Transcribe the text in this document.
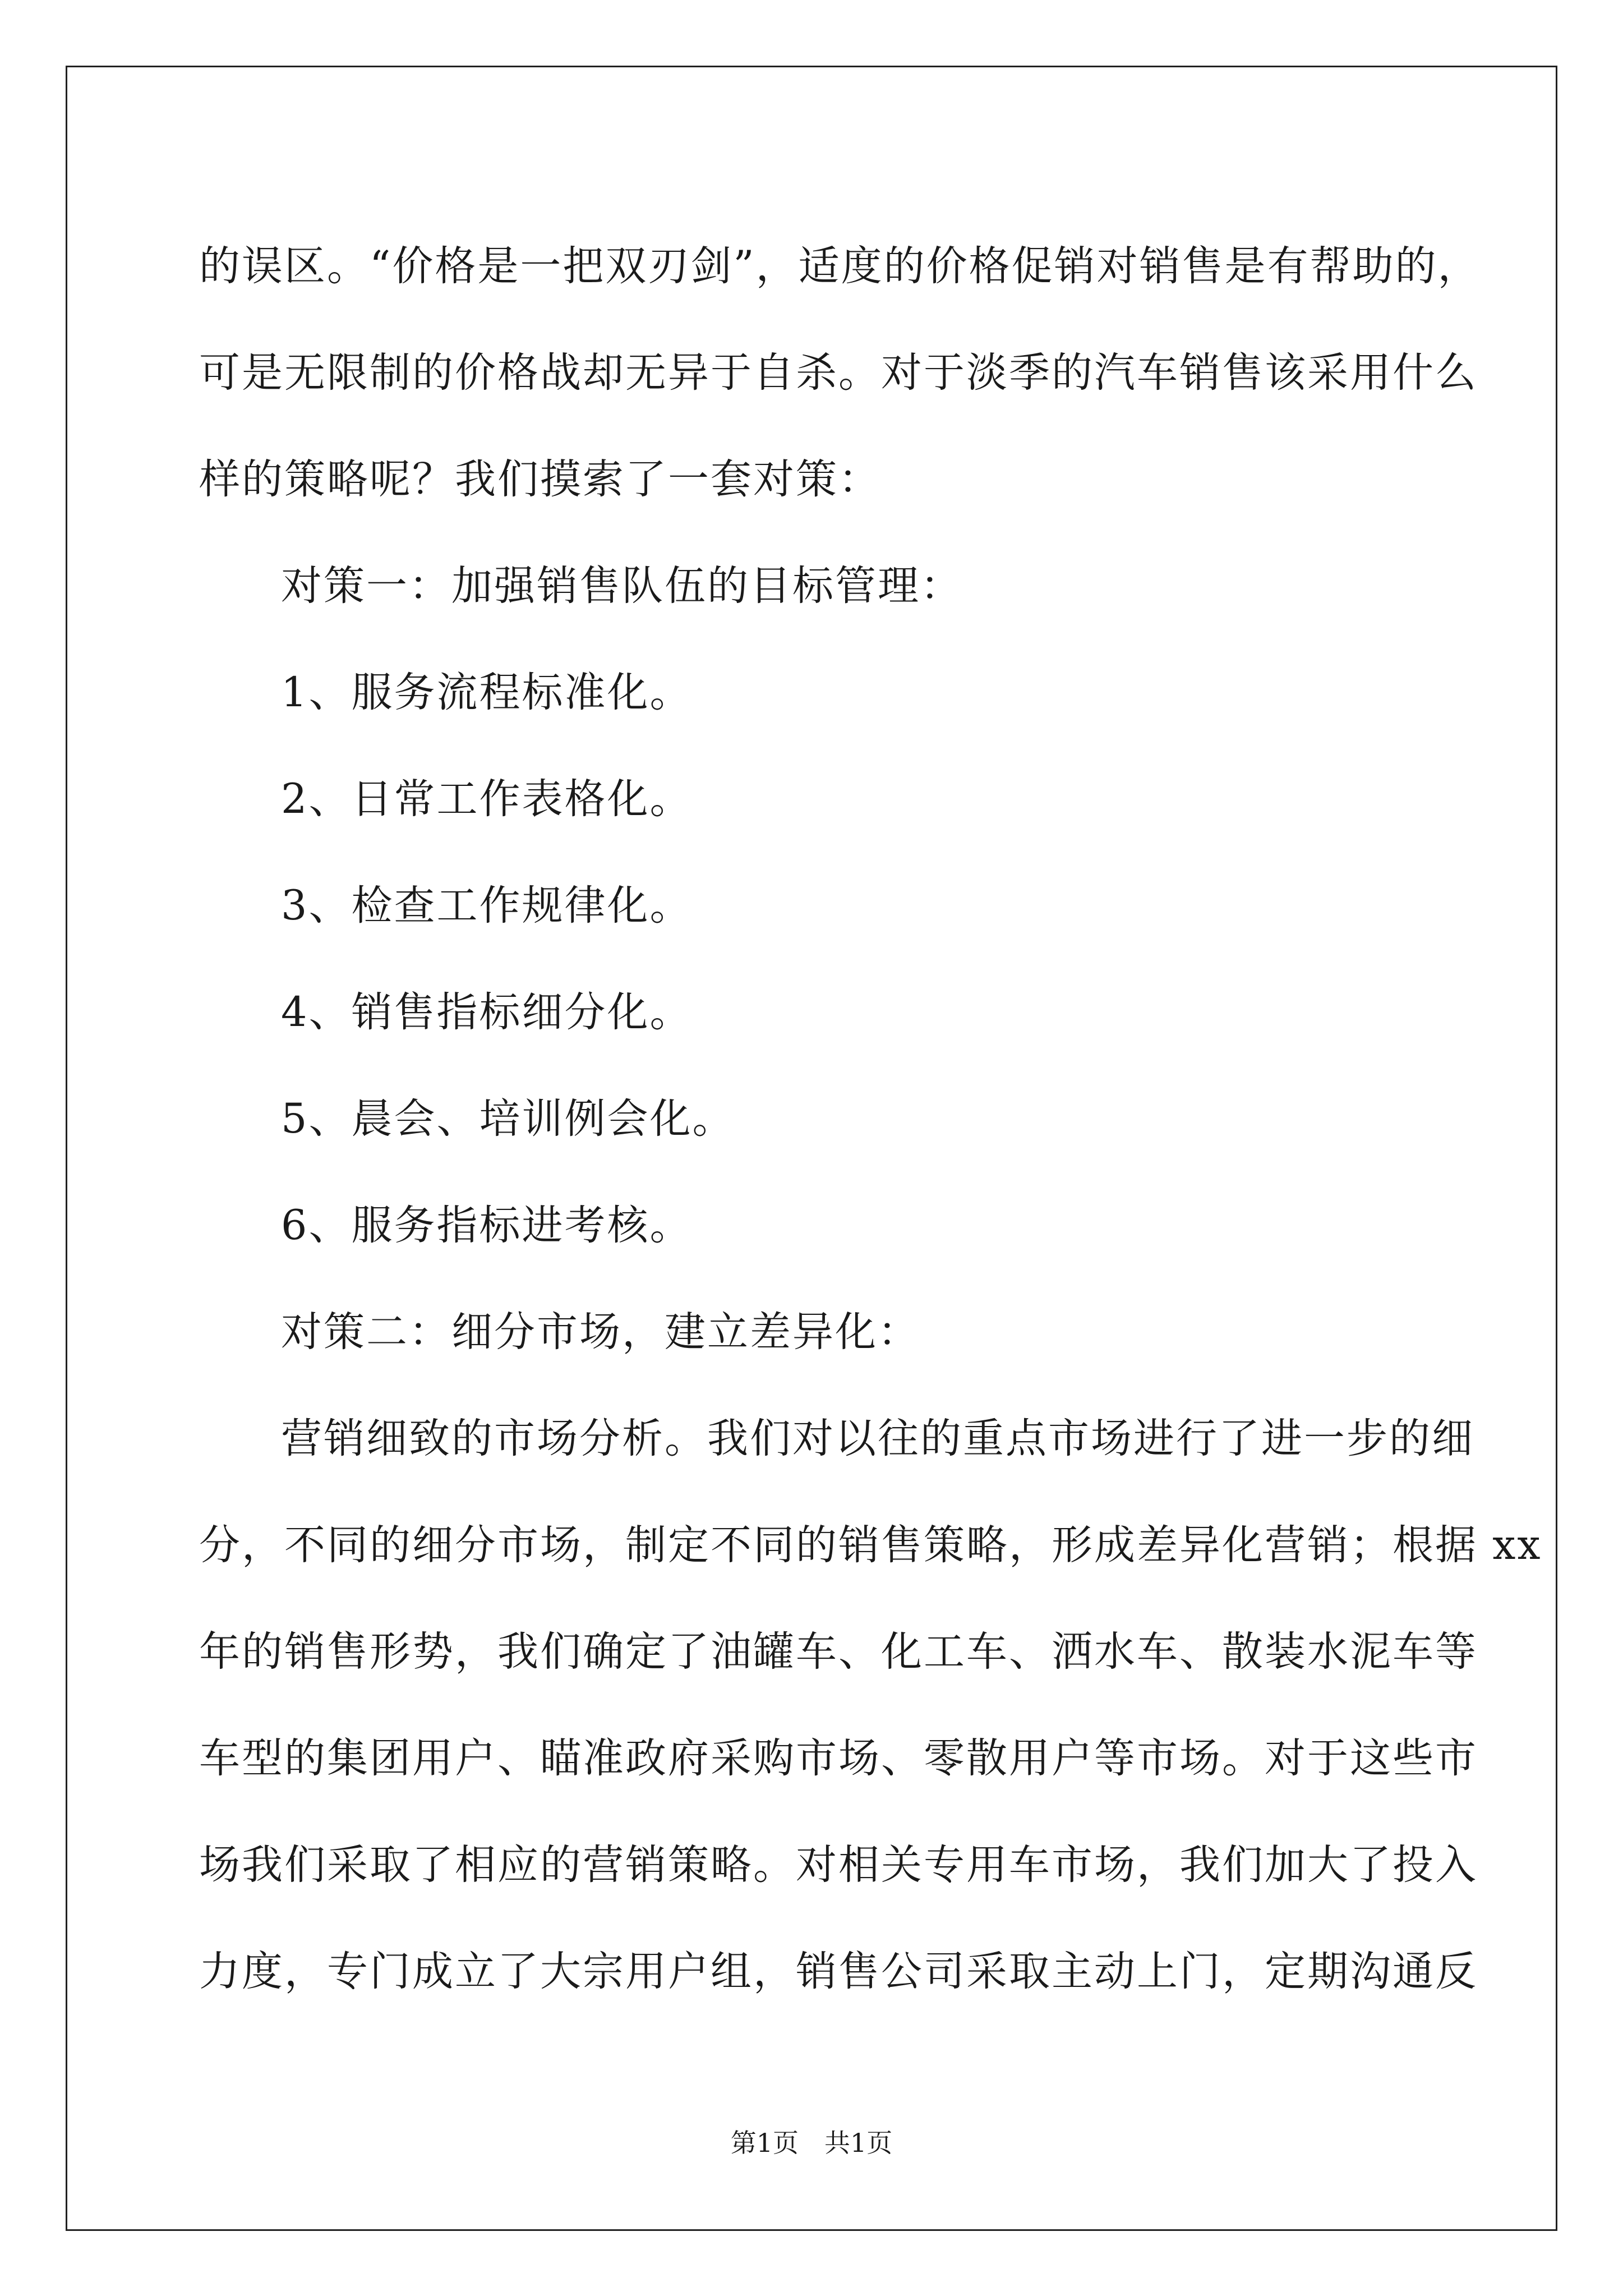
的误区。“价格是一把双刃剑”，适度的价格促销对销售是有帮助的，
可是无限制的价格战却无异于自杀。对于淡季的汽车销售该采用什么
样的策略呢？我们摸索了一套对策：
对策一：加强销售队伍的目标管理：
1、服务流程标准化。
2、日常工作表格化。
3、检查工作规律化。
4、销售指标细分化。
5、晨会、培训例会化。
6、服务指标进考核。
对策二：细分市场，建立差异化：
营销细致的市场分析。我们对以往的重点市场进行了进一步的细
分，不同的细分市场，制定不同的销售策略，形成差异化营销；根据 xx
年的销售形势，我们确定了油罐车、化工车、洒水车、散装水泥车等
车型的集团用户、瞄准政府采购市场、零散用户等市场。对于这些市
场我们采取了相应的营销策略。对相关专用车市场，我们加大了投入
力度，专门成立了大宗用户组，销售公司采取主动上门，定期沟通反
第1页　共1页
